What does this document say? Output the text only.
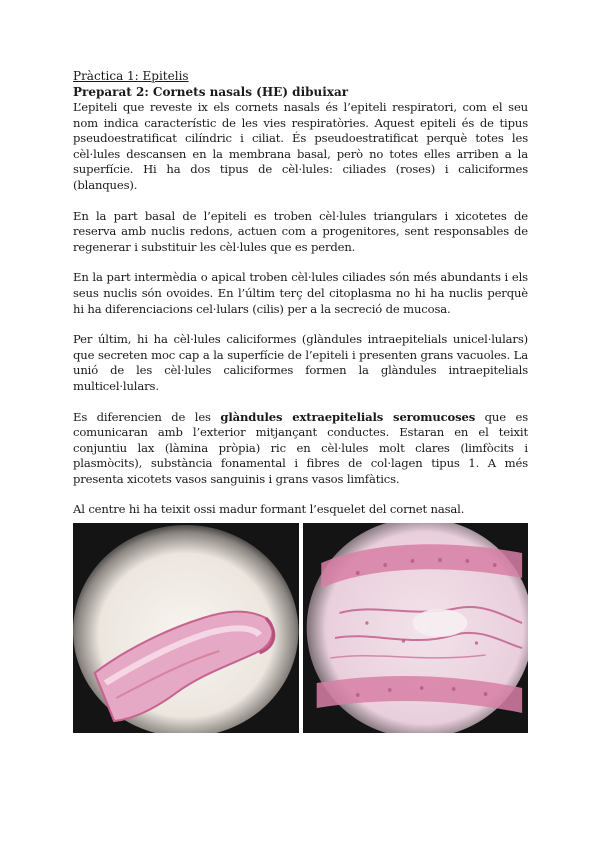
Pràctica 1: Epitelis
Preparat 2: Cornets nasals (HE) dibuixar

L’epiteli que reveste ix els cornets nasals és l’epiteli respiratori, com el seu nom indica característic de les vies respiratòries. Aquest epiteli és de tipus pseudoestratificat cilíndric i ciliat. És pseudoestratificat perquè totes les cèl·lules descansen en la membrana basal, però no totes elles arriben a la superfície. Hi ha dos tipus de cèl·lules: ciliades (roses) i caliciformes (blanques).

En la part basal de l’epiteli es troben cèl·lules triangulars i xicotetes de reserva amb nuclis redons, actuen com a progenitores, sent responsables de regenerar i substituir les cèl·lules que es perden.

En la part intermèdia o apical troben cèl·lules ciliades són més abundants i els seus nuclis són ovoides. En l’últim terç del citoplasma no hi ha nuclis perquè hi ha diferenciacions cel·lulars (cilis) per a la secreció de mucosa.

Per últim, hi ha cèl·lules caliciformes (glàndules intraepitelials unicel·lulars) que secreten moc cap a la superfície de l’epiteli i presenten grans vacuoles. La unió de les cèl·lules caliciformes formen la glàndules intraepitelials multicel·lulars.

Es diferencien de les glàndules extraepitelials seromucoses que es comunicaran amb l’exterior mitjançant conductes. Estaran en el teixit conjuntiu lax (làmina pròpia) ric en cèl·lules molt clares (limfòcits i plasmòcits), substància fonamental i fibres de col·lagen tipus 1. A més presenta xicotets vasos sanguinis i grans vasos limfàtics.

Al centre hi ha teixit ossi madur formant l’esquelet del cornet nasal.
